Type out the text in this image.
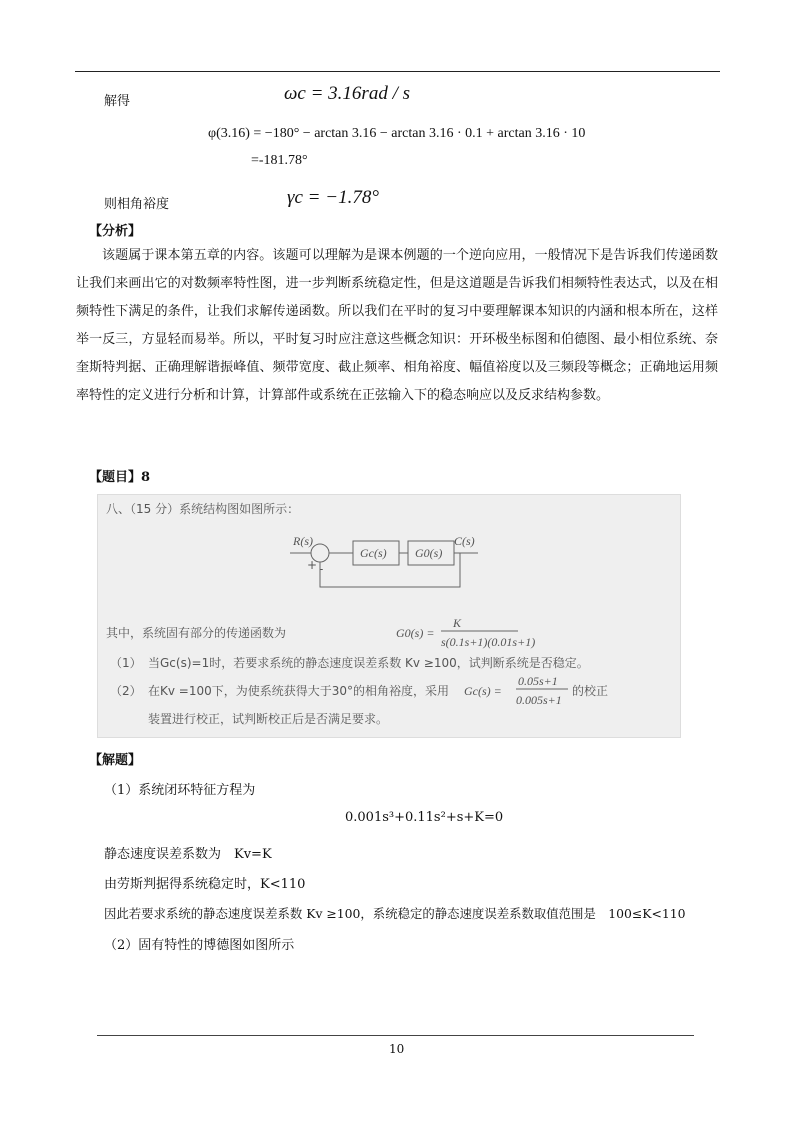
解得	ωc = 3.16rad / s
φ(3.16) = −180° − arctan 3.16 − arctan 3.16 · 0.1 + arctan 3.16 · 10
=-181.78°
则相角裕度	γc = −1.78°
【分析】

该题属于课本第五章的内容。该题可以理解为是课本例题的一个逆向应用，一般情况下是告诉我们传递函数让我们来画出它的对数频率特性图，进一步判断系统稳定性，但是这道题是告诉我们相频特性表达式，以及在相频特性下满足的条件，让我们求解传递函数。所以我们在平时的复习中要理解课本知识的内涵和根本所在，这样举一反三，方显轻而易举。所以，平时复习时应注意这些概念知识：开环极坐标图和伯德图、最小相位系统、奈奎斯特判据、正确理解谐振峰值、频带宽度、截止频率、相角裕度、幅值裕度以及三频段等概念；正确地运用频率特性的定义进行分析和计算，计算部件或系统在正弦输入下的稳态响应以及反求结构参数。

【题目】8
八、（15 分）系统结构图如图所示：
R(s)
+ -
Gc(s) G0(s)
C(s)
其中，系统固有部分的传递函数为	G0(s) =
K
s(0.1s+1)(0.01s+1)
（1） 当Gc(s)=1时，若要求系统的静态速度误差系数 Kv ≥100，试判断系统是否稳定。
（2） 在Kv =100下，为使系统获得大于30°的相角裕度，采用 Gc(s) =
0.05s+1
0.005s+1
的校正
装置进行校正，试判断校正后是否满足要求。
【解题】
（1）系统闭环特征方程为
0.001s³+0.11s²+s+K=0
静态速度误差系数为　Kv=K
由劳斯判据得系统稳定时，K<110
因此若要求系统的静态速度误差系数 Kv ≥100，系统稳定的静态速度误差系数取值范围是　100≤K<110
（2）固有特性的博德图如图所示
10
